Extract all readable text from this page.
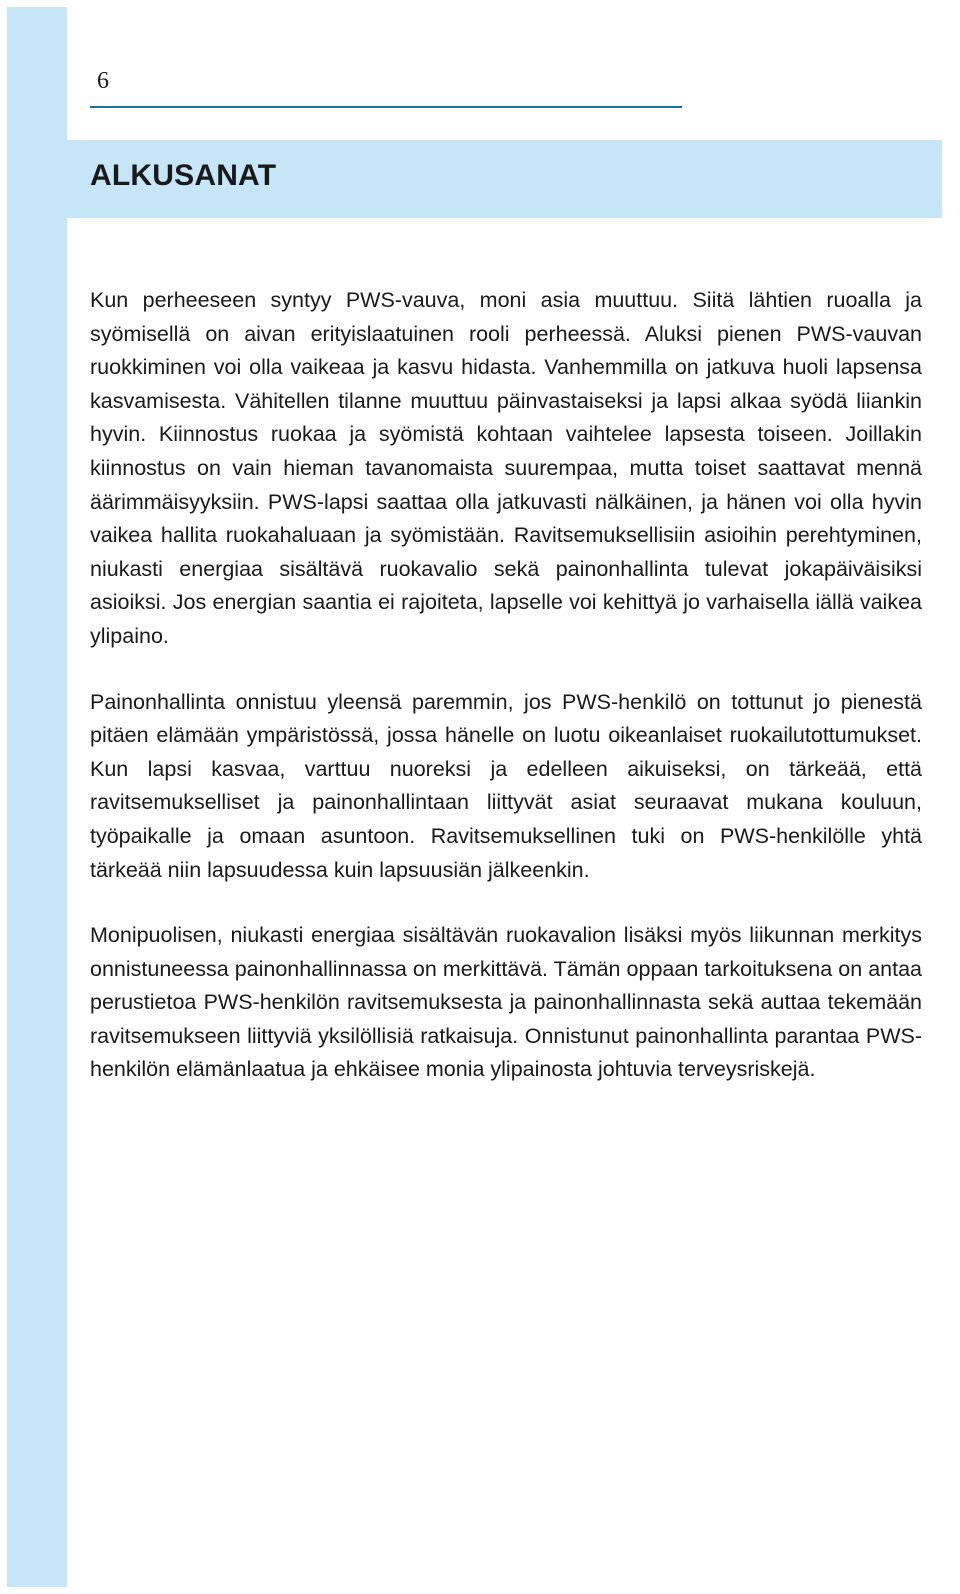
6
ALKUSANAT

Kun perheeseen syntyy PWS-vauva, moni asia muuttuu. Siitä lähtien ruoalla ja syömisellä on aivan erityislaatuinen rooli perheessä. Aluksi pienen PWS-vauvan ruokkiminen voi olla vaikeaa ja kasvu hidasta. Vanhemmilla on jatkuva huoli lapsensa kasvamisesta. Vähitellen tilanne muuttuu päinvastaiseksi ja lapsi alkaa syödä liiankin hyvin. Kiinnostus ruokaa ja syömistä kohtaan vaihtelee lapsesta toiseen. Joillakin kiinnostus on vain hieman tavanomaista suurempaa, mutta toiset saattavat mennä äärimmäisyyksiin. PWS-lapsi saattaa olla jatkuvasti nälkäinen, ja hänen voi olla hyvin vaikea hallita ruokahaluaan ja syömistään. Ravitsemuksellisiin asioihin perehtyminen, niukasti energiaa sisältävä ruokavalio sekä painonhallinta tulevat jokapäiväisiksi asioiksi. Jos energian saantia ei rajoiteta, lapselle voi kehittyä jo varhaisella iällä vaikea ylipaino.

Painonhallinta onnistuu yleensä paremmin, jos PWS-henkilö on tottunut jo pienestä pitäen elämään ympäristössä, jossa hänelle on luotu oikeanlaiset ruokailutottumukset. Kun lapsi kasvaa, varttuu nuoreksi ja edelleen aikuiseksi, on tärkeää, että ravitsemukselliset ja painonhallintaan liittyvät asiat seuraavat mukana kouluun, työpaikalle ja omaan asuntoon. Ravitsemuksellinen tuki on PWS-henkilölle yhtä tärkeää niin lapsuudessa kuin lapsuusiän jälkeenkin.

Monipuolisen, niukasti energiaa sisältävän ruokavalion lisäksi myös liikunnan merkitys onnistuneessa painonhallinnassa on merkittävä. Tämän oppaan tarkoituksena on antaa perustietoa PWS-henkilön ravitsemuksesta ja painonhallinnasta sekä auttaa tekemään ravitsemukseen liittyviä yksilöllisiä ratkaisuja. Onnistunut painonhallinta parantaa PWS-henkilön elämänlaatua ja ehkäisee monia ylipainosta johtuvia terveysriskejä.
